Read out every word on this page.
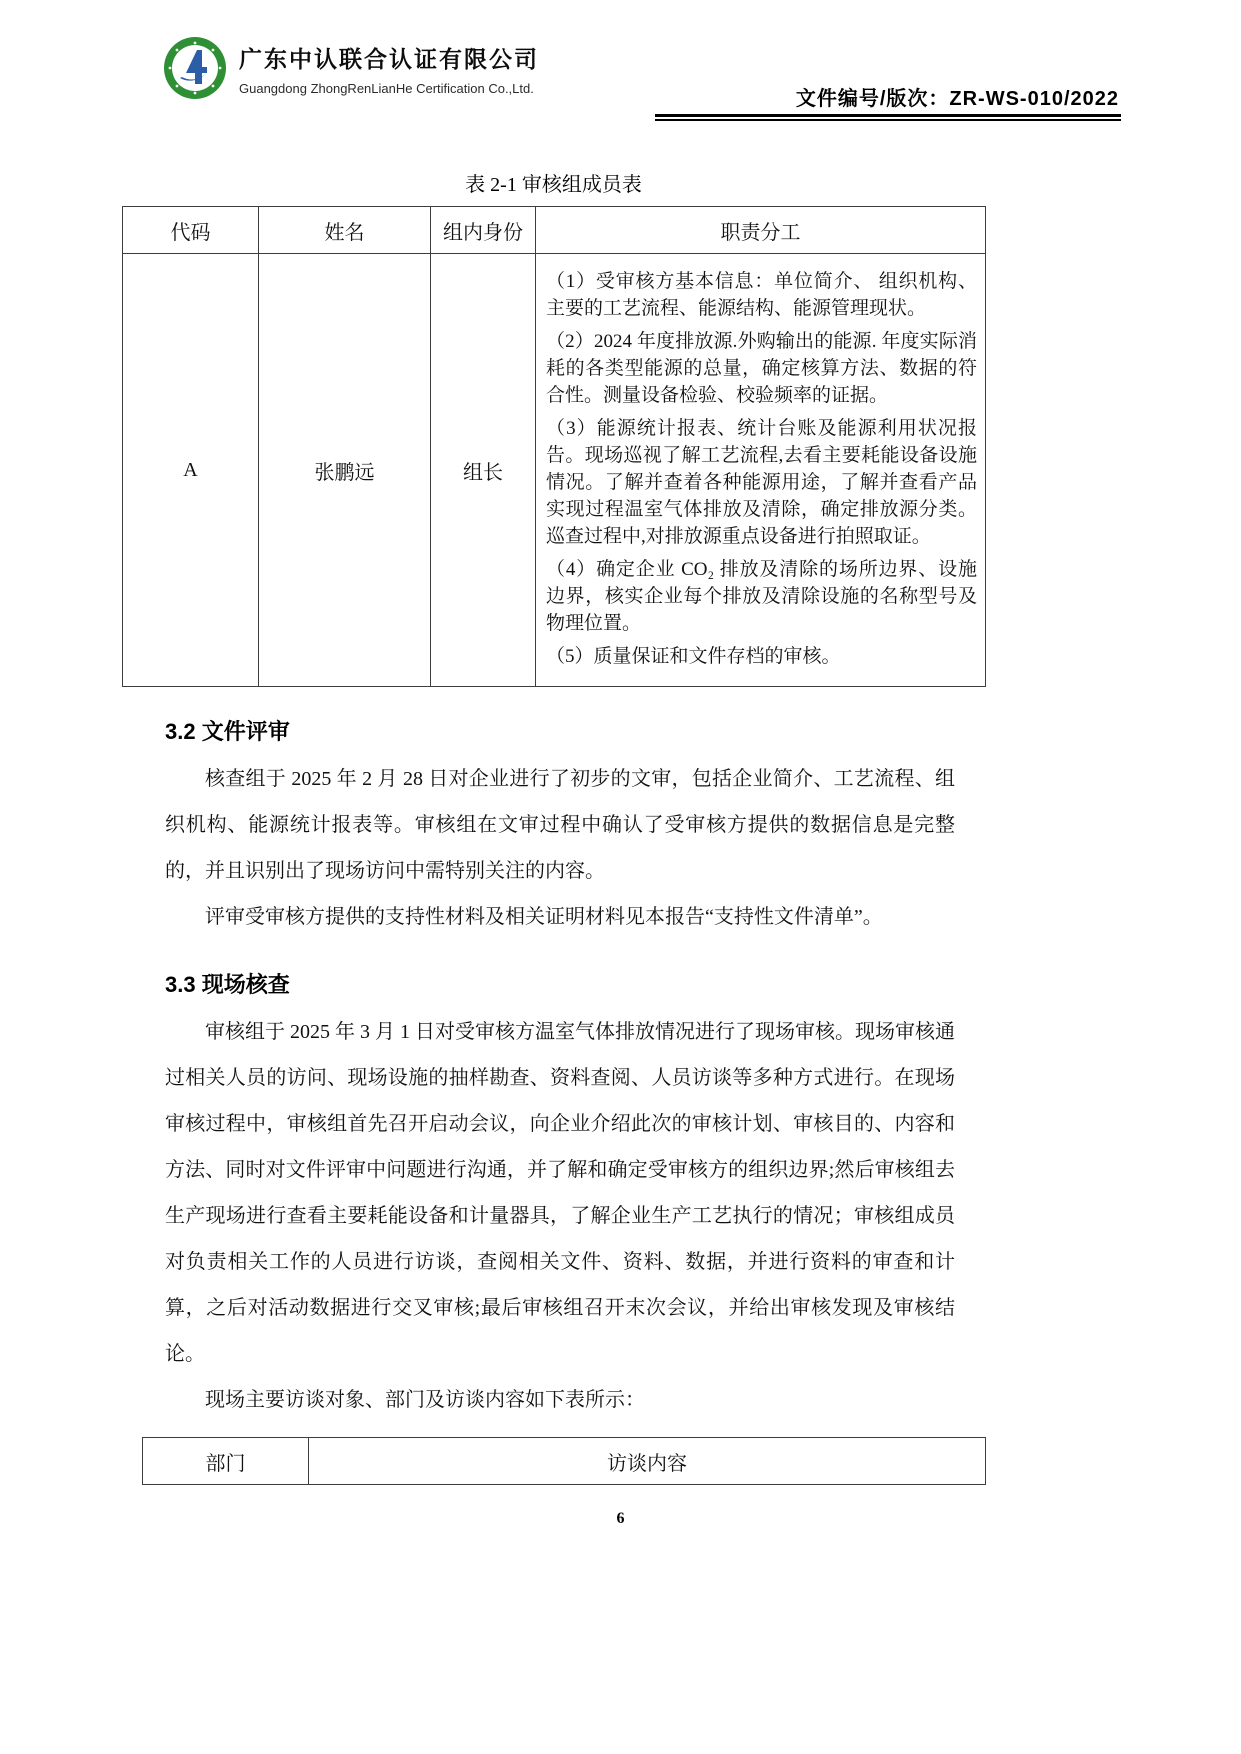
广东中认联合认证有限公司
Guangdong ZhongRenLianHe Certification Co.,Ltd.	文件编号/版次：ZR-WS-010/2022
表 2-1 审核组成员表
代码	姓名	组内身份	职责分工
A	张鹏远	组长	（1）受审核方基本信息：单位简介、 组织机构、主要的工艺流程、能源结构、能源管理现状。

（2）2024 年度排放源.外购输出的能源. 年度实际消耗的各类型能源的总量，确定核算方法、数据的符合性。测量设备检验、校验频率的证据。

（3）能源统计报表、统计台账及能源利用状况报告。现场巡视了解工艺流程,去看主要耗能设备设施情况。了解并查着各种能源用途，了解并查看产品实现过程温室气体排放及清除，确定排放源分类。巡查过程中,对排放源重点设备进行拍照取证。

（4）确定企业 CO₂ 排放及清除的场所边界、设施边界，核实企业每个排放及清除设施的名称型号及物理位置。

（5）质量保证和文件存档的审核。

3.2 文件评审

核查组于 2025 年 2 月 28 日对企业进行了初步的文审，包括企业简介、工艺流程、组织机构、能源统计报表等。审核组在文审过程中确认了受审核方提供的数据信息是完整的，并且识别出了现场访问中需特别关注的内容。

评审受审核方提供的支持性材料及相关证明材料见本报告“支持性文件清单”。

3.3 现场核查

审核组于 2025 年 3 月 1 日对受审核方温室气体排放情况进行了现场审核。现场审核通过相关人员的访问、现场设施的抽样勘查、资料查阅、人员访谈等多种方式进行。在现场审核过程中，审核组首先召开启动会议，向企业介绍此次的审核计划、审核目的、内容和方法、同时对文件评审中问题进行沟通，并了解和确定受审核方的组织边界;然后审核组去生产现场进行查看主要耗能设备和计量器具，了解企业生产工艺执行的情况；审核组成员对负责相关工作的人员进行访谈，查阅相关文件、资料、数据，并进行资料的审查和计算，之后对活动数据进行交叉审核;最后审核组召开末次会议，并给出审核发现及审核结论。

现场主要访谈对象、部门及访谈内容如下表所示：

部门	访谈内容
6
